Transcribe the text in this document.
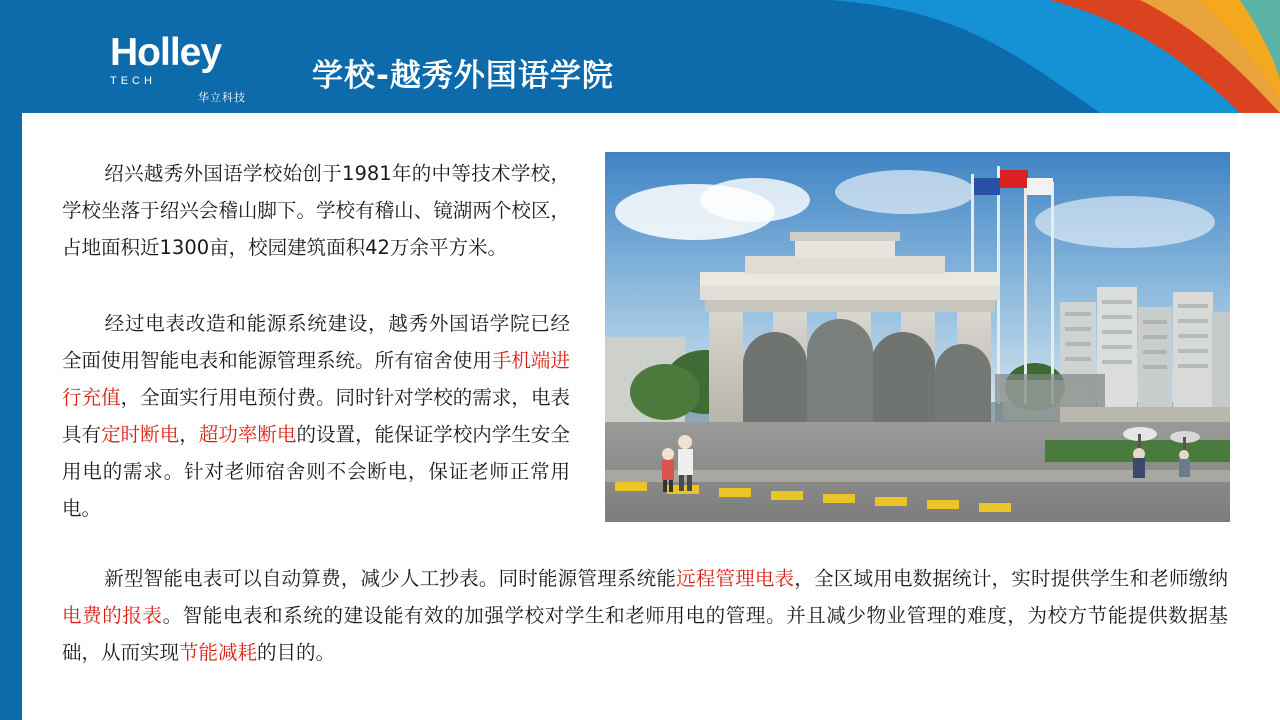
Holley
TECH
华立科技
学校-越秀外国语学院
绍兴越秀外国语学校始创于1981年的中等技术学校，学校坐落于绍兴会稽山脚下。学校有稽山、镜湖两个校区，占地面积近1300亩，校园建筑面积42万余平方米。
经过电表改造和能源系统建设，越秀外国语学院已经全面使用智能电表和能源管理系统。所有宿舍使用手机端进行充值，全面实行用电预付费。同时针对学校的需求，电表具有定时断电，超功率断电的设置，能保证学校内学生安全用电的需求。针对老师宿舍则不会断电，保证老师正常用电。
新型智能电表可以自动算费，减少人工抄表。同时能源管理系统能远程管理电表，全区域用电数据统计，实时提供学生和老师缴纳电费的报表。智能电表和系统的建设能有效的加强学校对学生和老师用电的管理。并且减少物业管理的难度，为校方节能提供数据基础，从而实现节能减耗的目的。
